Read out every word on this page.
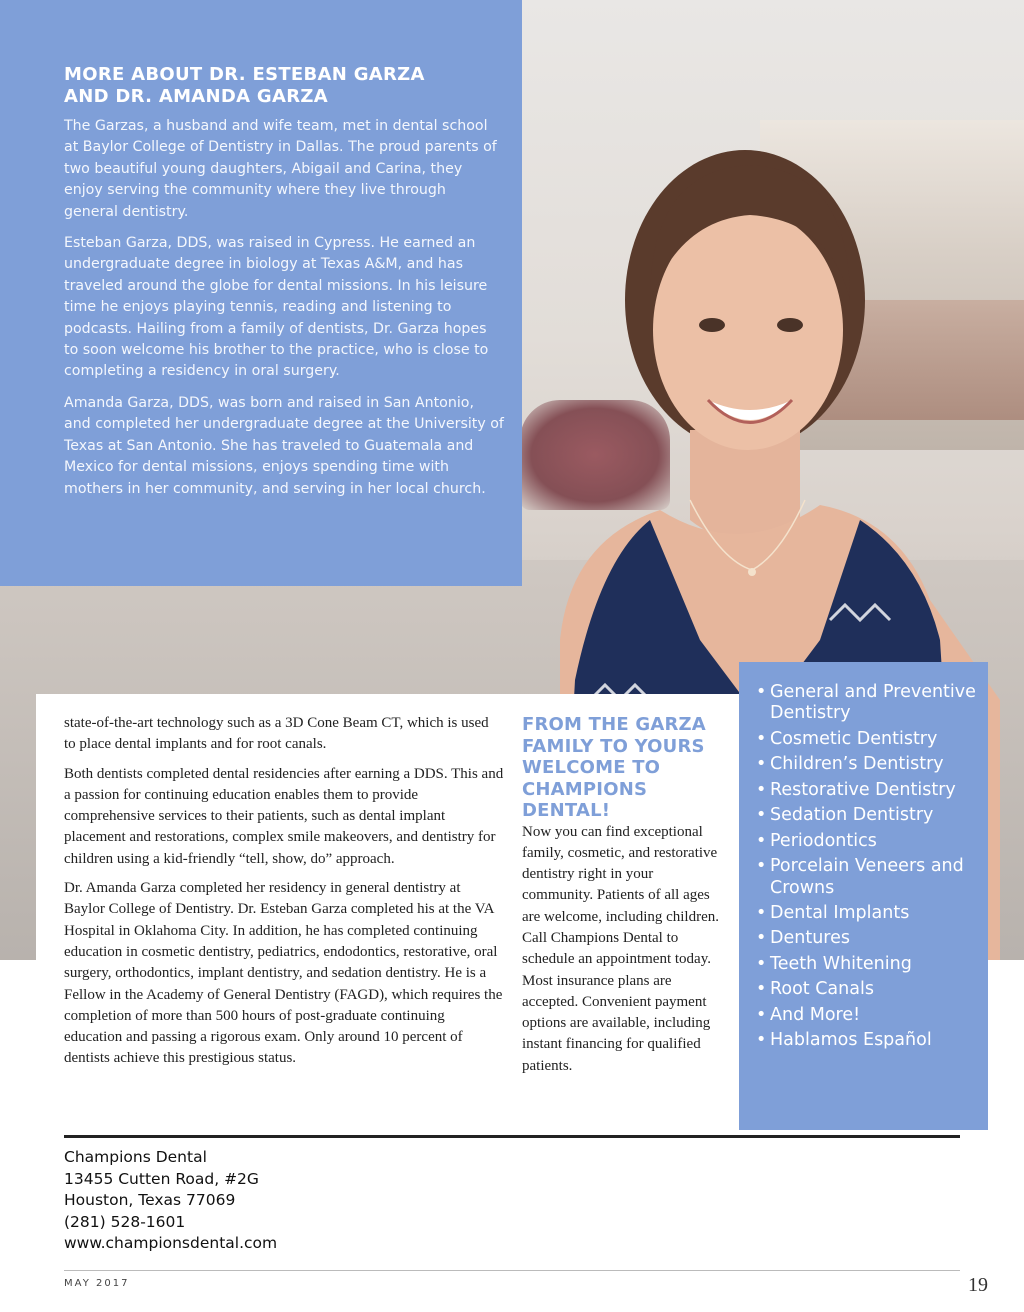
MORE ABOUT DR. ESTEBAN GARZA
AND DR. AMANDA GARZA

The Garzas, a husband and wife team, met in dental school at Baylor College of Dentistry in Dallas. The proud parents of two beautiful young daughters, Abigail and Carina, they enjoy serving the community where they live through general dentistry.

Esteban Garza, DDS, was raised in Cypress. He earned an undergraduate degree in biology at Texas A&M, and has traveled around the globe for dental missions. In his leisure time he enjoys playing tennis, reading and listening to podcasts. Hailing from a family of dentists, Dr. Garza hopes to soon welcome his brother to the practice, who is close to completing a residency in oral surgery.

Amanda Garza, DDS, was born and raised in San Antonio, and completed her undergraduate degree at the University of Texas at San Antonio. She has traveled to Guatemala and Mexico for dental missions, enjoys spending time with mothers in her community, and serving in her local church.

state-of-the-art technology such as a 3D Cone Beam CT, which is used to place dental implants and for root canals.

Both dentists completed dental residencies after earning a DDS. This and a passion for continuing education enables them to provide comprehensive services to their patients, such as dental implant placement and restorations, complex smile makeovers, and dentistry for children using a kid-friendly “tell, show, do” approach.

Dr. Amanda Garza completed her residency in general dentistry at Baylor College of Dentistry. Dr. Esteban Garza completed his at the VA Hospital in Oklahoma City. In addition, he has completed continuing education in cosmetic dentistry, pediatrics, endodontics, restorative, oral surgery, orthodontics, implant dentistry, and sedation dentistry. He is a Fellow in the Academy of General Dentistry (FAGD), which requires the completion of more than 500 hours of post-graduate continuing education and passing a rigorous exam. Only around 10 percent of dentists achieve this prestigious status.

FROM THE GARZA FAMILY TO YOURS WELCOME TO CHAMPIONS DENTAL!

Now you can find exceptional family, cosmetic, and restorative dentistry right in your community. Patients of all ages are welcome, including children. Call Champions Dental to schedule an appointment today. Most insurance plans are accepted. Convenient payment options are available, including instant financing for qualified patients.

• General and Preventive Dentistry
• Cosmetic Dentistry
• Children’s Dentistry
• Restorative Dentistry
• Sedation Dentistry
• Periodontics
• Porcelain Veneers and Crowns
• Dental Implants
• Dentures
• Teeth Whitening
• Root Canals
• And More!
• Hablamos Español
Champions Dental
13455 Cutten Road, #2G
Houston, Texas 77069
(281) 528-1601
www.championsdental.com
MAY 2017	19
